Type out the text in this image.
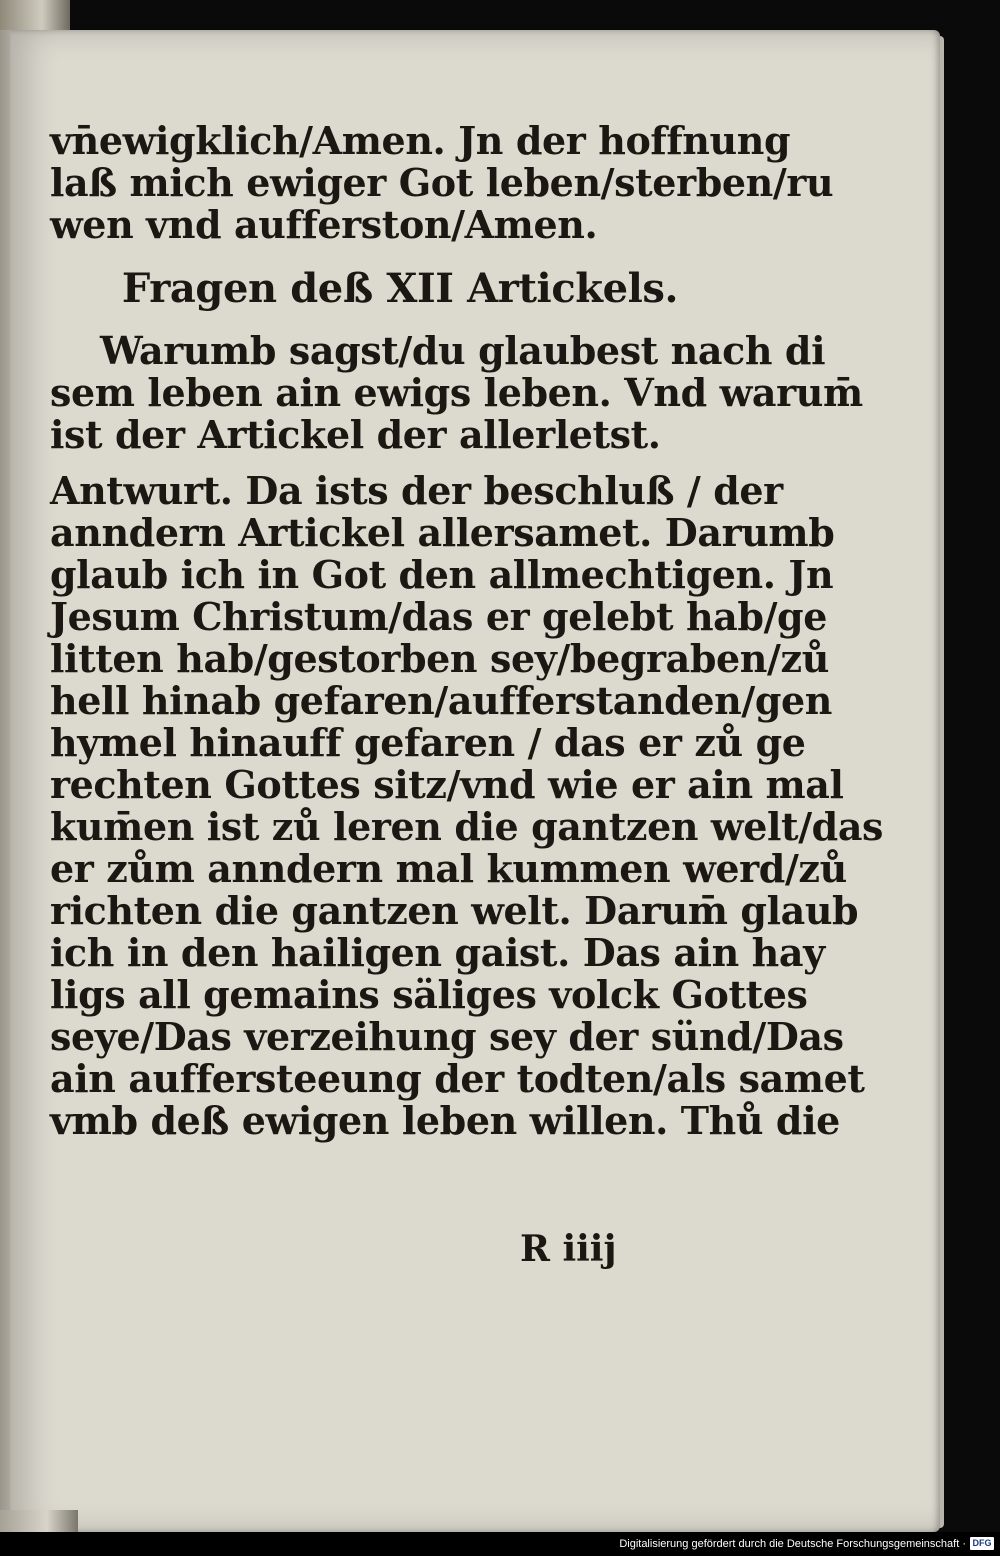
vn̄ewigklich/Amen. Jn der hoffnung
laß mich ewiger Got leben/sterben/ru
wen vnd aufferston/Amen.
Fragen deß XII Artickels.
Warumb sagst/du glaubest nach di
sem leben ain ewigs leben. Vnd warum̄
ist der Artickel der allerletst.
Antwurt. Da ists der beschluß / der
anndern Artickel allersamet. Darumb
glaub ich in Got den allmechtigen. Jn
Jesum Christum/das er gelebt hab/ge
litten hab/gestorben sey/begraben/zů
hell hinab gefaren/aufferstanden/gen
hymel hinauff gefaren / das er zů ge
rechten Gottes sitz/vnd wie er ain mal
kum̄en ist zů leren die gantzen welt/das
er zům anndern mal kummen werd/zů
richten die gantzen welt. Darum̄ glaub
ich in den hailigen gaist. Das ain hay
ligs all gemains säliges volck Gottes
seye/Das verzeihung sey der sünd/Das
ain auffersteeung der todten/als samet
vmb deß ewigen leben willen. Thů die
R iiij
Digitalisierung gefördert durch die Deutsche Forschungsgemeinschaft · DFG
